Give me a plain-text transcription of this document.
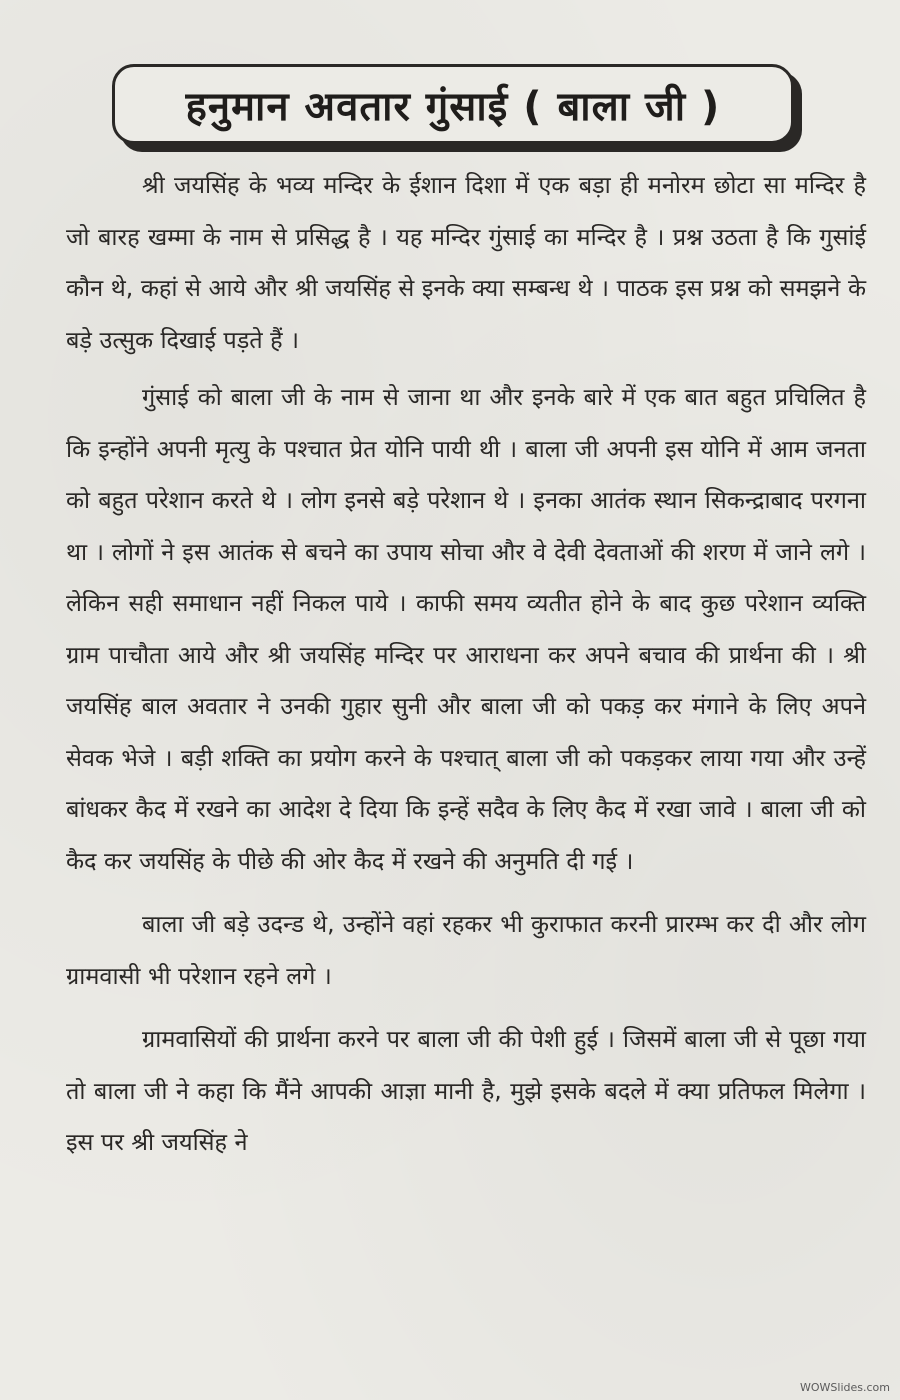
हनुमान अवतार गुंसाई ( बाला जी )

श्री जयसिंह के भव्य मन्दिर के ईशान दिशा में एक बड़ा ही मनोरम छोटा सा मन्दिर है जो बारह खम्मा के नाम से प्रसिद्ध है । यह मन्दिर गुंसाई का मन्दिर है । प्रश्न उठता है कि गुसांई कौन थे, कहां से आये और श्री जयसिंह से इनके क्या सम्बन्ध थे । पाठक इस प्रश्न को समझने के बड़े उत्सुक दिखाई पड़ते हैं ।

गुंसाई को बाला जी के नाम से जाना था और इनके बारे में एक बात बहुत प्रचिलित है कि इन्होंने अपनी मृत्यु के पश्चात प्रेत योनि पायी थी । बाला जी अपनी इस योनि में आम जनता को बहुत परेशान करते थे । लोग इनसे बड़े परेशान थे । इनका आतंक स्थान सिकन्द्राबाद परगना था । लोगों ने इस आतंक से बचने का उपाय सोचा और वे देवी देवताओं की शरण में जाने लगे । लेकिन सही समाधान नहीं निकल पाये । काफी समय व्यतीत होने के बाद कुछ परेशान व्यक्ति ग्राम पाचौता आये और श्री जयसिंह मन्दिर पर आराधना कर अपने बचाव की प्रार्थना की । श्री जयसिंह बाल अवतार ने उनकी गुहार सुनी और बाला जी को पकड़ कर मंगाने के लिए अपने सेवक भेजे । बड़ी शक्ति का प्रयोग करने के पश्चात् बाला जी को पकड़कर लाया गया और उन्हें बांधकर कैद में रखने का आदेश दे दिया कि इन्हें सदैव के लिए कैद में रखा जावे । बाला जी को कैद कर जयसिंह के पीछे की ओर कैद में रखने की अनुमति दी गई ।

बाला जी बड़े उदन्ड थे, उन्होंने वहां रहकर भी कुराफात करनी प्रारम्भ कर दी और लोग ग्रामवासी भी परेशान रहने लगे ।

ग्रामवासियों की प्रार्थना करने पर बाला जी की पेशी हुई । जिसमें बाला जी से पूछा गया तो बाला जी ने कहा कि मैंने आपकी आज्ञा मानी है, मुझे इसके बदले में क्या प्रतिफल मिलेगा । इस पर श्री जयसिंह ने

WOWSlides.com
